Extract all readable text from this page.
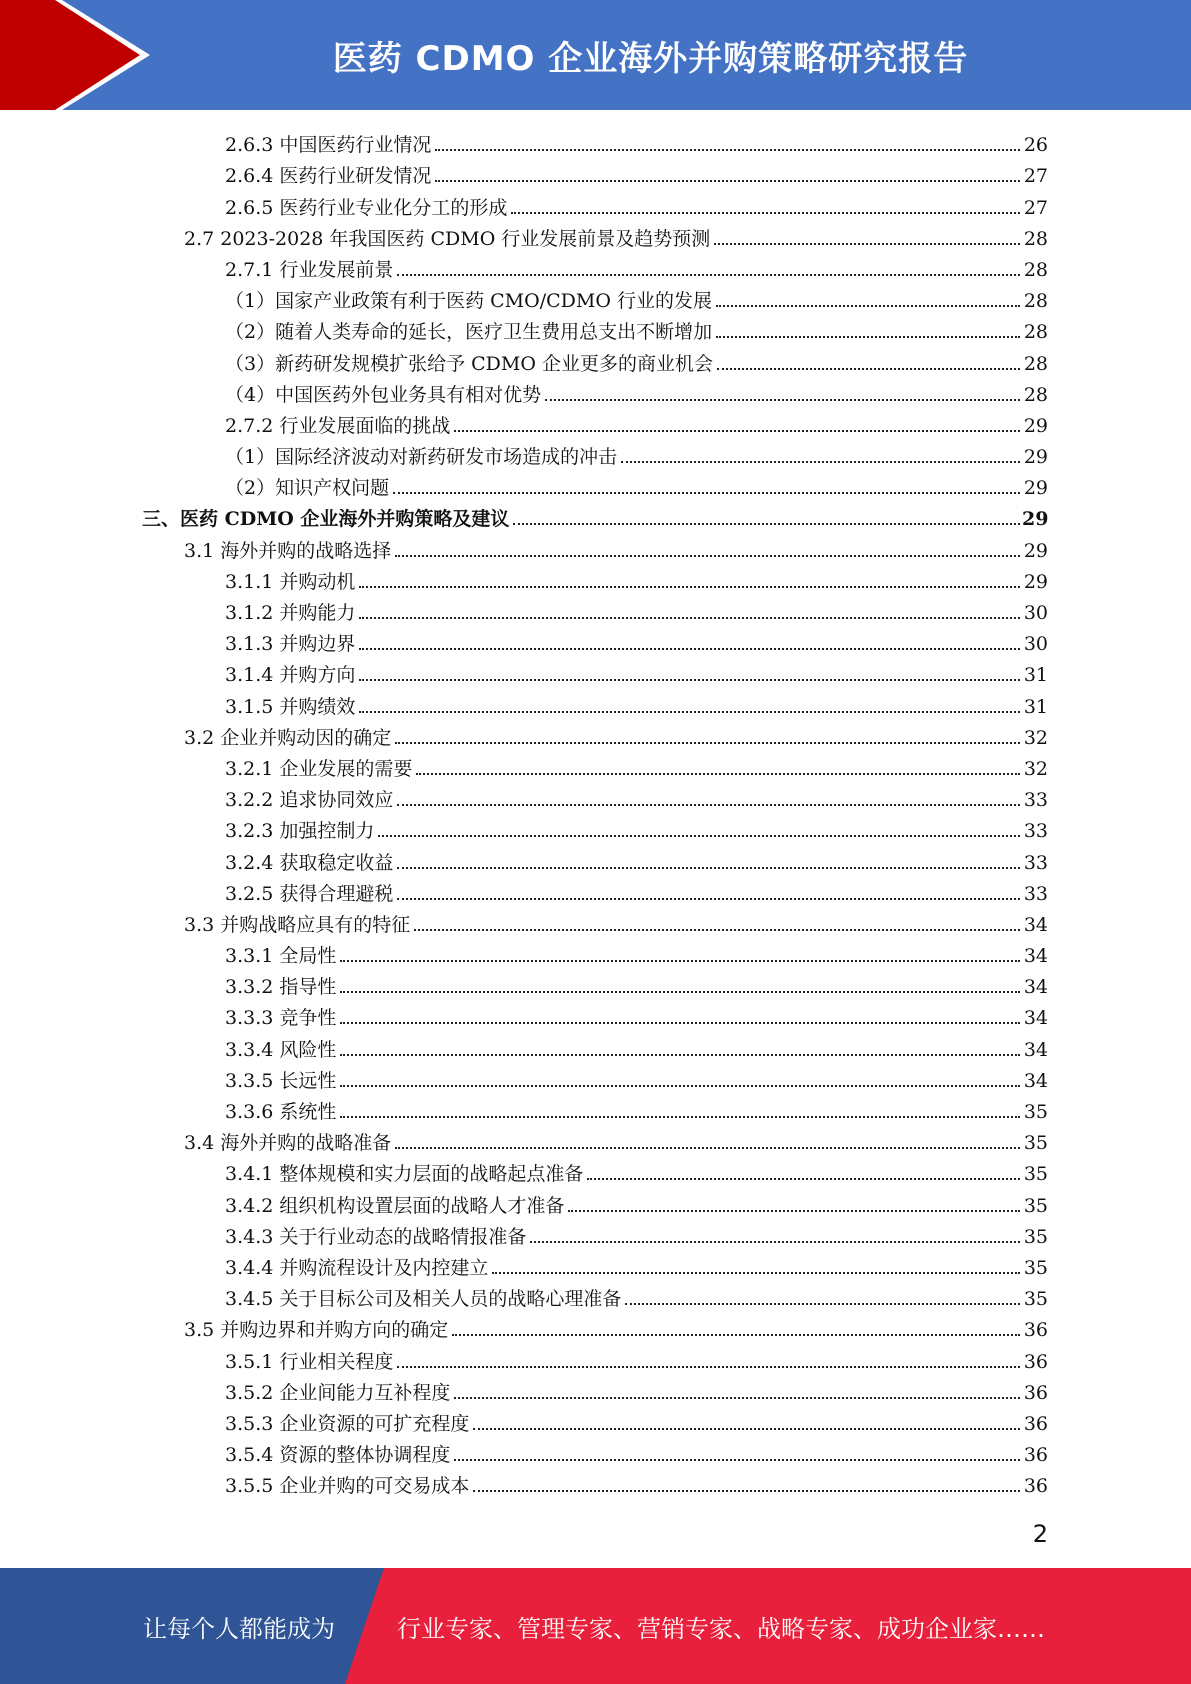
医药 CDMO 企业海外并购策略研究报告
2.6.3 中国医药行业情况	26
2.6.4 医药行业研发情况	27
2.6.5 医药行业专业化分工的形成	27
2.7 2023-2028 年我国医药 CDMO 行业发展前景及趋势预测	28
2.7.1 行业发展前景	28
（1）国家产业政策有利于医药 CMO/CDMO 行业的发展	28
（2）随着人类寿命的延长，医疗卫生费用总支出不断增加	28
（3）新药研发规模扩张给予 CDMO 企业更多的商业机会	28
（4）中国医药外包业务具有相对优势	28
2.7.2 行业发展面临的挑战	29
（1）国际经济波动对新药研发市场造成的冲击	29
（2）知识产权问题	29
三、医药 CDMO 企业海外并购策略及建议	29
3.1 海外并购的战略选择	29
3.1.1 并购动机	29
3.1.2 并购能力	30
3.1.3 并购边界	30
3.1.4 并购方向	31
3.1.5 并购绩效	31
3.2 企业并购动因的确定	32
3.2.1 企业发展的需要	32
3.2.2 追求协同效应	33
3.2.3 加强控制力	33
3.2.4 获取稳定收益	33
3.2.5 获得合理避税	33
3.3 并购战略应具有的特征	34
3.3.1 全局性	34
3.3.2 指导性	34
3.3.3 竞争性	34
3.3.4 风险性	34
3.3.5 长远性	34
3.3.6 系统性	35
3.4 海外并购的战略准备	35
3.4.1 整体规模和实力层面的战略起点准备	35
3.4.2 组织机构设置层面的战略人才准备	35
3.4.3 关于行业动态的战略情报准备	35
3.4.4 并购流程设计及内控建立	35
3.4.5 关于目标公司及相关人员的战略心理准备	35
3.5 并购边界和并购方向的确定	36
3.5.1 行业相关程度	36
3.5.2 企业间能力互补程度	36
3.5.3 企业资源的可扩充程度	36
3.5.4 资源的整体协调程度	36
3.5.5 企业并购的可交易成本	36
2
让每个人都能成为	行业专家、管理专家、营销专家、战略专家、成功企业家……
